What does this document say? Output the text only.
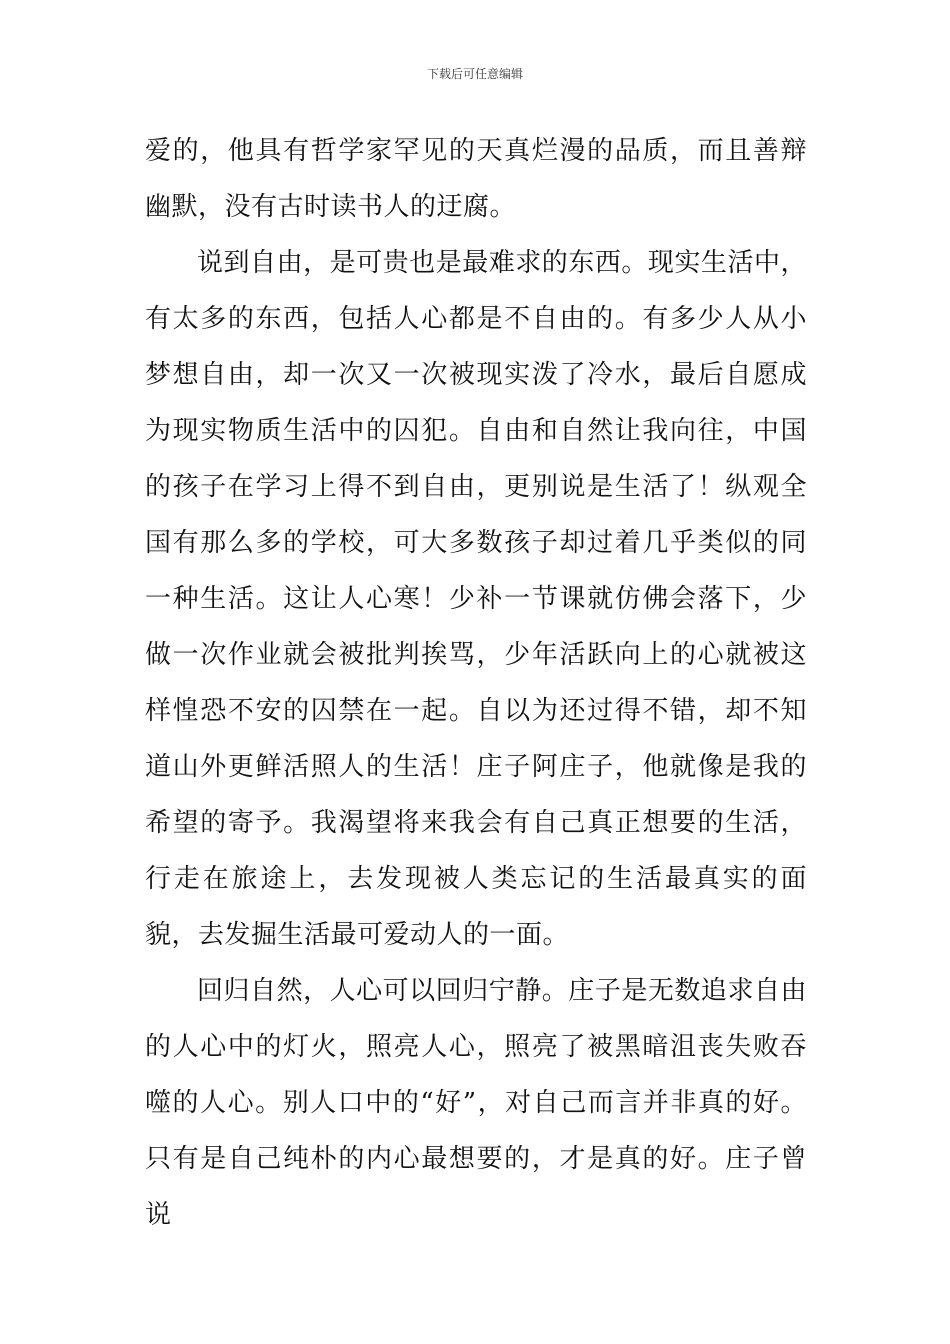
下载后可任意编辑

爱的，他具有哲学家罕见的天真烂漫的品质，而且善辩幽默，没有古时读书人的迂腐。

说到自由，是可贵也是最难求的东西。现实生活中，有太多的东西，包括人心都是不自由的。有多少人从小梦想自由，却一次又一次被现实泼了冷水，最后自愿成为现实物质生活中的囚犯。自由和自然让我向往，中国的孩子在学习上得不到自由，更别说是生活了！纵观全国有那么多的学校，可大多数孩子却过着几乎类似的同一种生活。这让人心寒！少补一节课就仿佛会落下，少做一次作业就会被批判挨骂，少年活跃向上的心就被这样惶恐不安的囚禁在一起。自以为还过得不错，却不知道山外更鲜活照人的生活！庄子阿庄子，他就像是我的希望的寄予。我渴望将来我会有自己真正想要的生活，行走在旅途上，去发现被人类忘记的生活最真实的面貌，去发掘生活最可爱动人的一面。

回归自然，人心可以回归宁静。庄子是无数追求自由的人心中的灯火，照亮人心，照亮了被黑暗沮丧失败吞噬的人心。别人口中的“好”，对自己而言并非真的好。只有是自己纯朴的内心最想要的，才是真的好。庄子曾说
